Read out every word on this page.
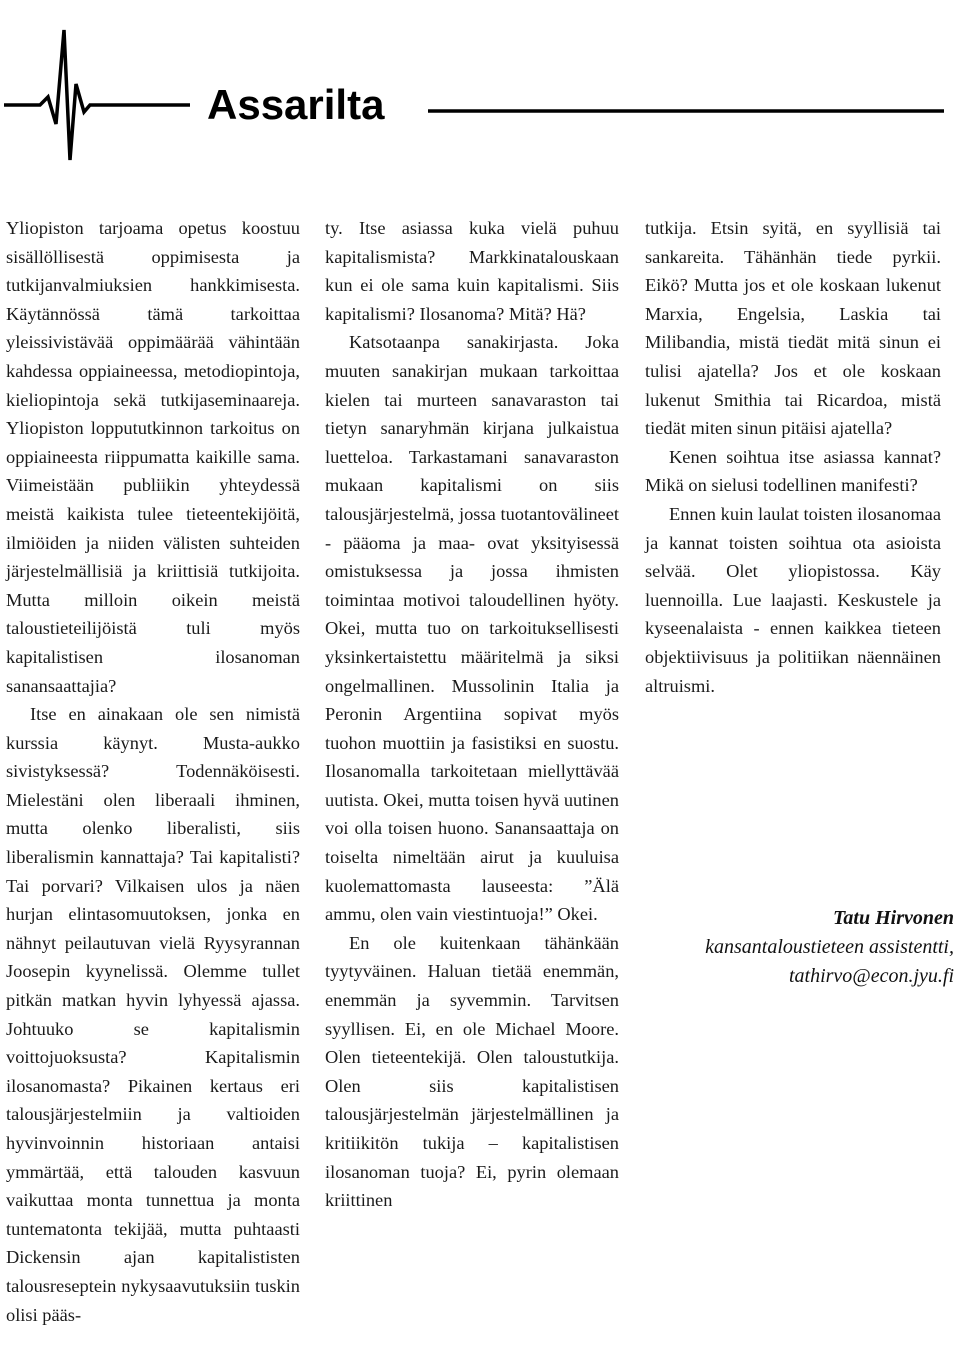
Assarilta

Yliopiston tarjoama opetus koostuu sisällöllisestä oppimisesta ja tutkijanvalmiuksien hankkimisesta. Käytännössä tämä tarkoittaa yleissivistävää oppimäärää vähintään kahdessa oppiaineessa, metodiopintoja, kieliopintoja sekä tutkijaseminaareja. Yliopiston loppututkinnon tarkoitus on oppiaineesta riippumatta kaikille sama. Viimeistään publiikin yhteydessä meistä kaikista tulee tieteentekijöitä, ilmiöiden ja niiden välisten suhteiden järjestelmällisiä ja kriittisiä tutkijoita. Mutta milloin oikein meistä taloustieteilijöistä tuli myös kapitalistisen ilosanoman sanansaattajia?

Itse en ainakaan ole sen nimistä kurssia käynyt. Musta-aukko sivistyksessä? Todennäköisesti. Mielestäni olen liberaali ihminen, mutta olenko liberalisti, siis liberalismin kannattaja? Tai kapitalisti? Tai porvari? Vilkaisen ulos ja näen hurjan elintasomuutoksen, jonka en nähnyt peilautuvan vielä Ryysyrannan Joosepin kyynelissä. Olemme tullet pitkän matkan hyvin lyhyessä ajassa. Johtuuko se kapitalismin voittojuoksusta? Kapitalismin ilosanomasta? Pikainen kertaus eri talousjärjestelmiin ja valtioiden hyvinvoinnin historiaan antaisi ymmärtää, että talouden kasvuun vaikuttaa monta tunnettua ja monta tuntematonta tekijää, mutta puhtaasti Dickensin ajan kapitalististen talousreseptein nykysaavutuksiin tuskin olisi pääs-

ty. Itse asiassa kuka vielä puhuu kapitalismista? Markkinatalouskaan kun ei ole sama kuin kapitalismi. Siis kapitalismi? Ilosanoma? Mitä? Hä?

Katsotaanpa sanakirjasta. Joka muuten sanakirjan mukaan tarkoittaa kielen tai murteen sanavaraston tai tietyn sanaryhmän kirjana julkaistua luetteloa. Tarkastamani sanavaraston mukaan kapitalismi on siis talousjärjestelmä, jossa tuotantovälineet - pääoma ja maa- ovat yksityisessä omistuksessa ja jossa ihmisten toimintaa motivoi taloudellinen hyöty. Okei, mutta tuo on tarkoituksellisesti yksinkertaistettu määritelmä ja siksi ongelmallinen. Mussolinin Italia ja Peronin Argentiina sopivat myös tuohon muottiin ja fasistiksi en suostu. Ilosanomalla tarkoitetaan miellyttävää uutista. Okei, mutta toisen hyvä uutinen voi olla toisen huono. Sanansaattaja on toiselta nimeltään airut ja kuuluisa kuolemattomasta lauseesta: ”Älä ammu, olen vain viestintuoja!” Okei.

En ole kuitenkaan tähänkään tyytyväinen. Haluan tietää enemmän, enemmän ja syvemmin. Tarvitsen syyllisen. Ei, en ole Michael Moore. Olen tieteentekijä. Olen taloustutkija. Olen siis kapitalistisen talousjärjestelmän järjestelmällinen ja kritiikitön tukija – kapitalistisen ilosanoman tuoja? Ei, pyrin olemaan kriittinen

tutkija. Etsin syitä, en syyllisiä tai sankareita. Tähänhän tiede pyrkii. Eikö? Mutta jos et ole koskaan lukenut Marxia, Engelsia, Laskia tai Milibandia, mistä tiedät mitä sinun ei tulisi ajatella? Jos et ole koskaan lukenut Smithia tai Ricardoa, mistä tiedät miten sinun pitäisi ajatella?

Kenen soihtua itse asiassa kannat? Mikä on sielusi todellinen manifesti?

Ennen kuin laulat toisten ilosanomaa ja kannat toisten soihtua ota asioista selvää. Olet yliopistossa. Käy luennoilla. Lue laajasti. Keskustele ja kyseenalaista - ennen kaikkea tieteen objektiivisuus ja politiikan näennäinen altruismi.

Tatu Hirvonen
kansantaloustieteen assistentti,
tathirvo@econ.jyu.fi
